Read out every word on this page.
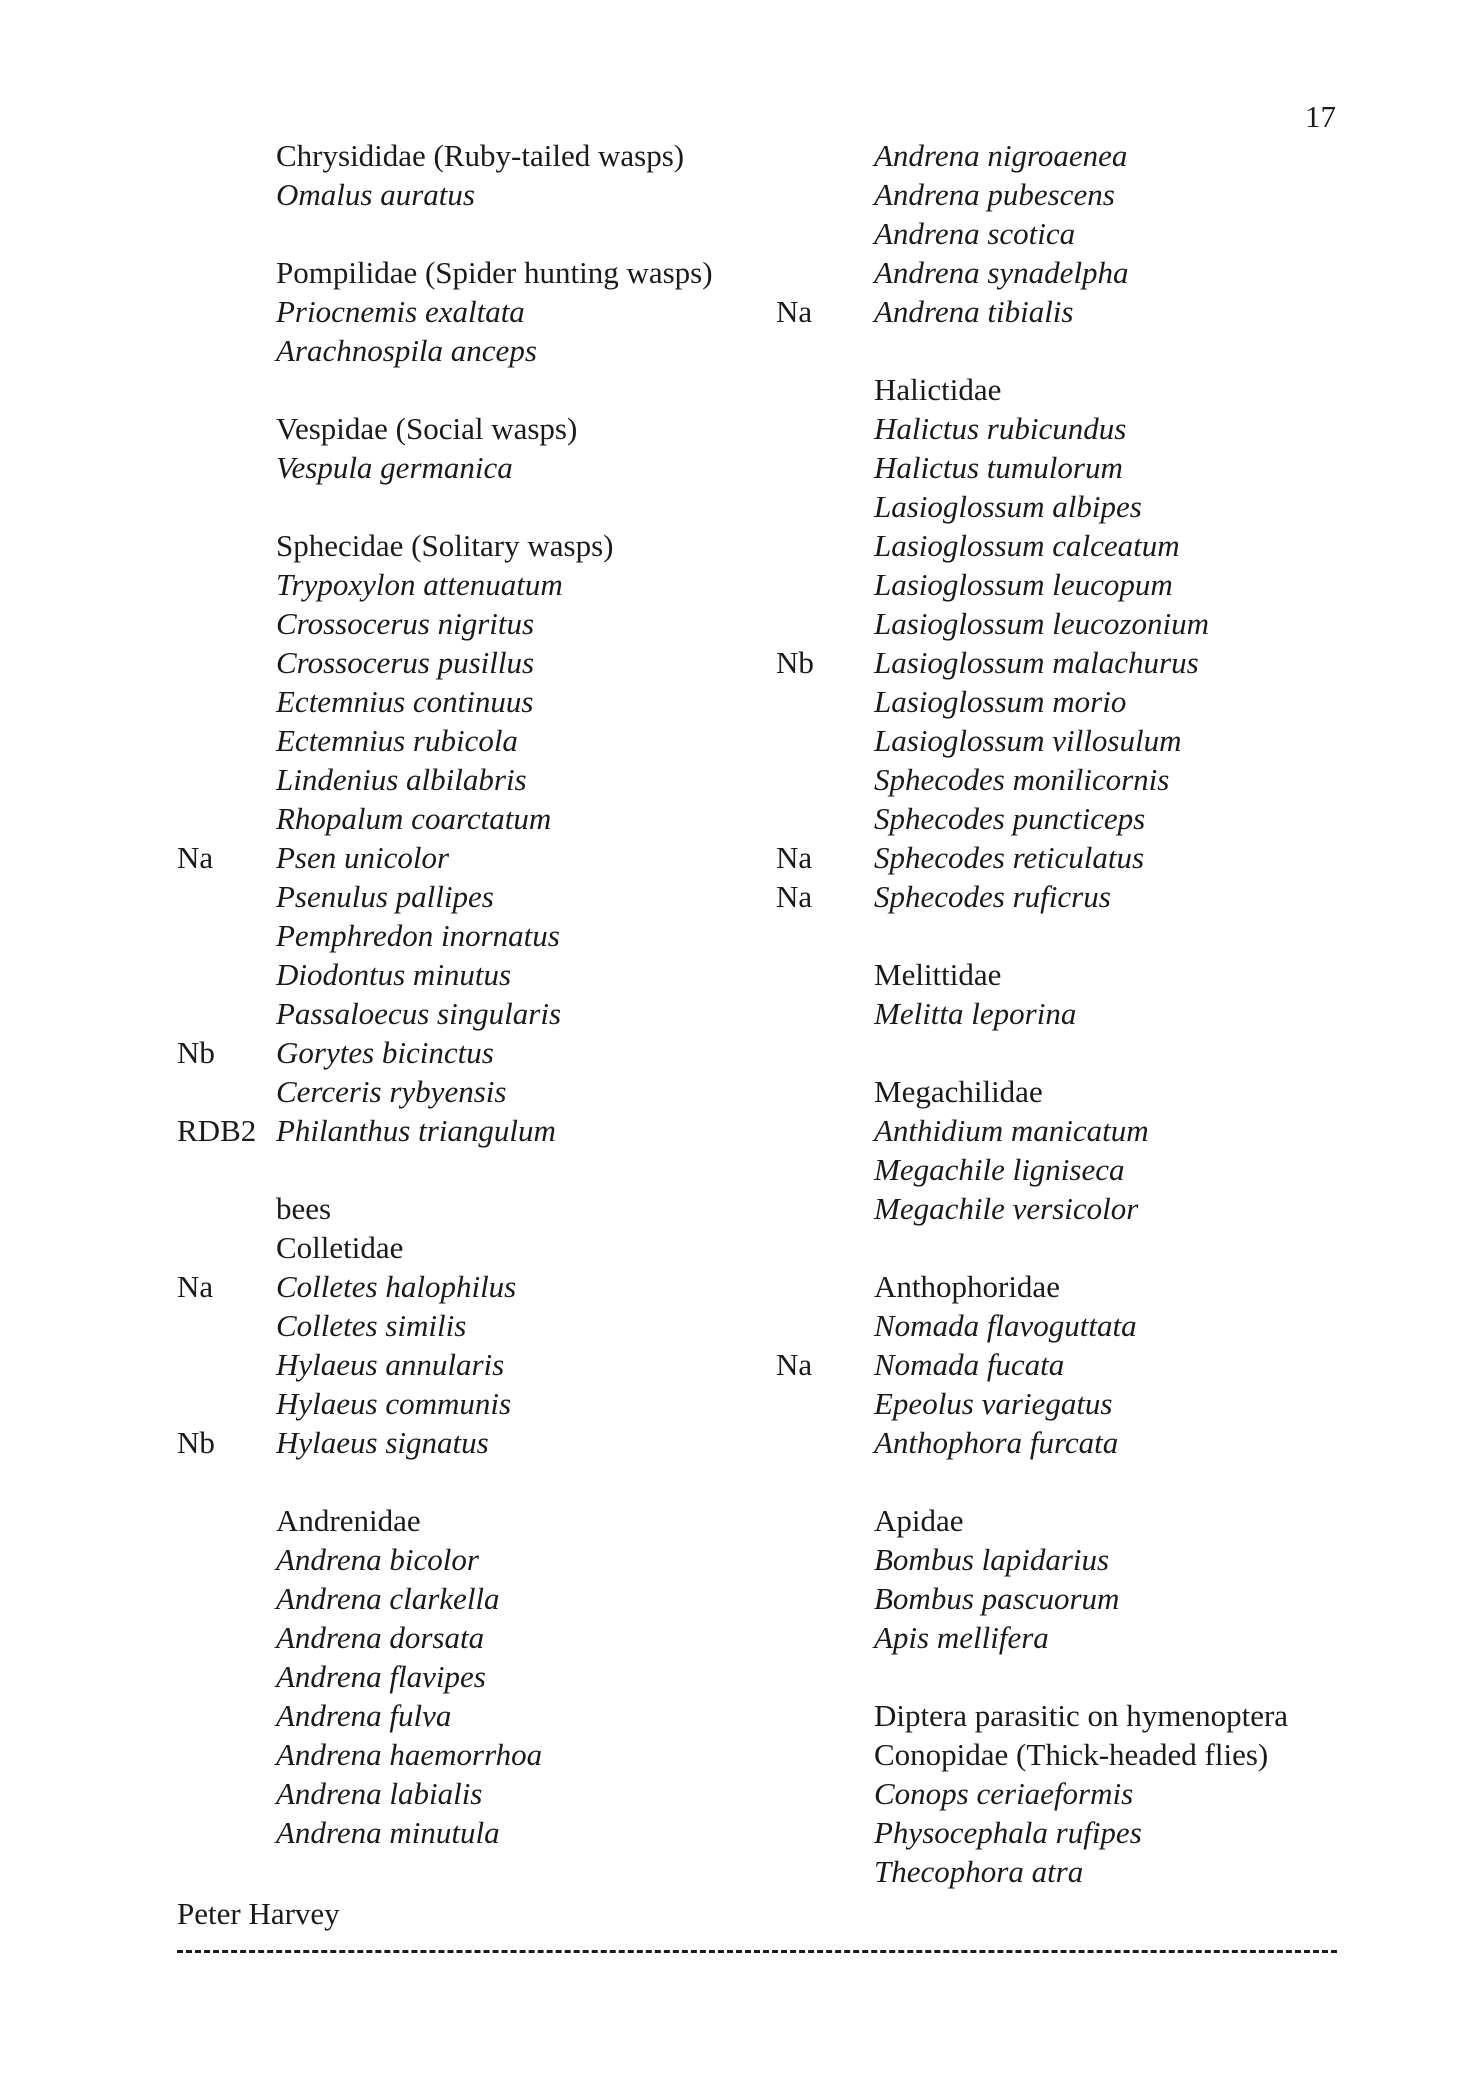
17
Chrysididae (Ruby-tailed wasps)
Omalus auratus
Pompilidae (Spider hunting wasps)
Priocnemis exaltata
Arachnospila anceps
Vespidae (Social wasps)
Vespula germanica
Sphecidae (Solitary wasps)
Trypoxylon attenuatum
Crossocerus nigritus
Crossocerus pusillus
Ectemnius continuus
Ectemnius rubicola
Lindenius albilabris
Rhopalum coarctatum
Na Psen unicolor
Psenulus pallipes
Pemphredon inornatus
Diodontus minutus
Passaloecus singularis
Nb Gorytes bicinctus
Cerceris rybyensis
RDB2 Philanthus triangulum
bees
Colletidae
Na Colletes halophilus
Colletes similis
Hylaeus annularis
Hylaeus communis
Nb Hylaeus signatus
Andrenidae
Andrena bicolor
Andrena clarkella
Andrena dorsata
Andrena flavipes
Andrena fulva
Andrena haemorrhoa
Andrena labialis
Andrena minutula
Andrena nigroaenea
Andrena pubescens
Andrena scotica
Andrena synadelpha
Na Andrena tibialis
Halictidae
Halictus rubicundus
Halictus tumulorum
Lasioglossum albipes
Lasioglossum calceatum
Lasioglossum leucopum
Lasioglossum leucozonium
Nb Lasioglossum malachurus
Lasioglossum morio
Lasioglossum villosulum
Sphecodes monilicornis
Sphecodes puncticeps
Na Sphecodes reticulatus
Na Sphecodes ruficrus
Melittidae
Melitta leporina
Megachilidae
Anthidium manicatum
Megachile ligniseca
Megachile versicolor
Anthophoridae
Nomada flavoguttata
Na Nomada fucata
Epeolus variegatus
Anthophora furcata
Apidae
Bombus lapidarius
Bombus pascuorum
Apis mellifera
Diptera parasitic on hymenoptera
Conopidae (Thick-headed flies)
Conops ceriaeformis
Physocephala rufipes
Thecophora atra
Peter Harvey
